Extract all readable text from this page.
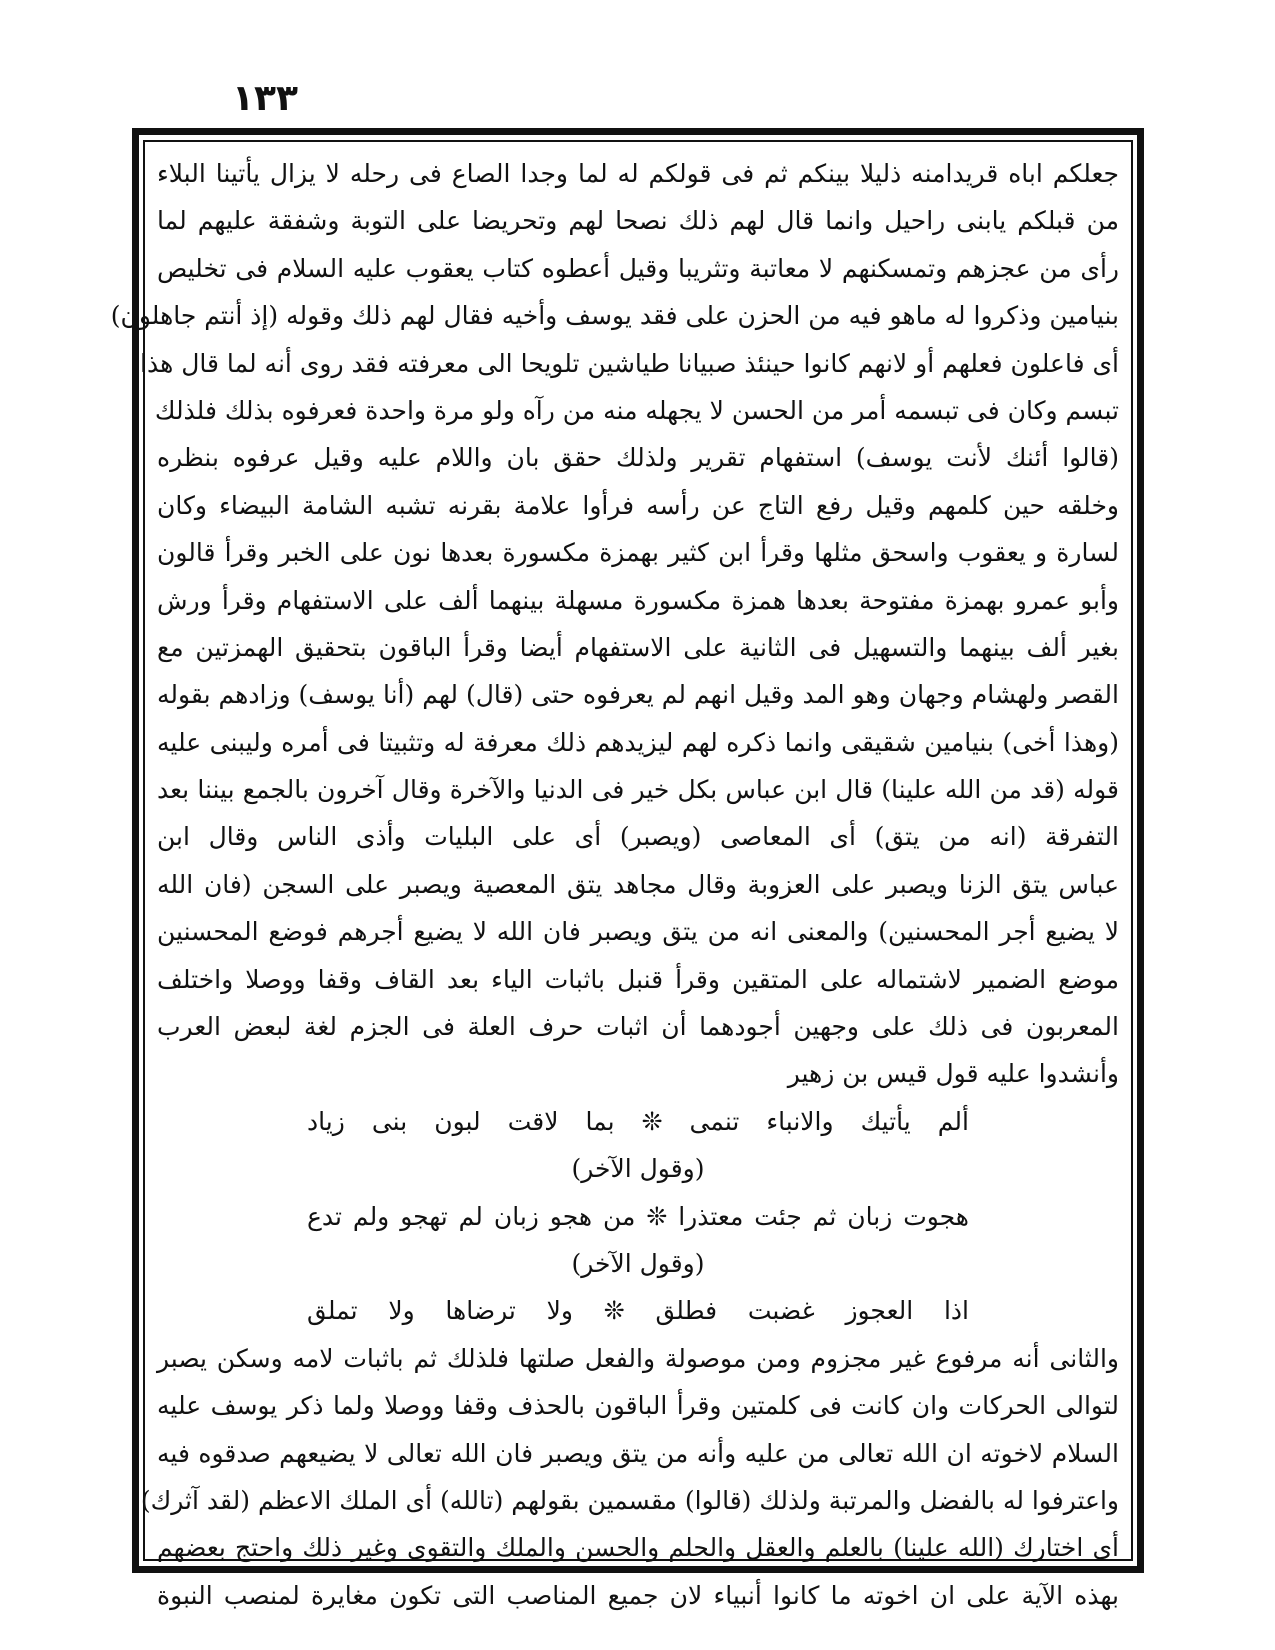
١٣٣
جعلكم اباه قريدامنه ذليلا بينكم ثم فى قولكم له لما وجدا الصاع فى رحله لا يزال يأتينا البلاء
من قبلكم يابنى راحيل وانما قال لهم ذلك نصحا لهم وتحريضا على التوبة وشفقة عليهم لما
رأى من عجزهم وتمسكنهم لا معاتبة وتثريبا وقيل أعطوه كتاب يعقوب عليه السلام فى تخليص
بنيامين وذكروا له ماهو فيه من الحزن على فقد يوسف وأخيه فقال لهم ذلك وقوله (إذ أنتم جاهلون)
أى فاعلون فعلهم أو لانهم كانوا حينئذ صبيانا طياشين تلويحا الى معرفته فقد روى أنه لما قال هذا
تبسم وكان فى تبسمه أمر من الحسن لا يجهله منه من رآه ولو مرة واحدة فعرفوه بذلك فلذلك
(قالوا أئنك لأنت يوسف) استفهام تقرير ولذلك حقق بان واللام عليه وقيل عرفوه بنظره
وخلقه حين كلمهم وقيل رفع التاج عن رأسه فرأوا علامة بقرنه تشبه الشامة البيضاء وكان
لسارة و يعقوب واسحق مثلها وقرأ ابن كثير بهمزة مكسورة بعدها نون على الخبر وقرأ قالون
وأبو عمرو بهمزة مفتوحة بعدها همزة مكسورة مسهلة بينهما ألف على الاستفهام وقرأ ورش
بغير ألف بينهما والتسهيل فى الثانية على الاستفهام أيضا وقرأ الباقون بتحقيق الهمزتين مع
القصر ولهشام وجهان وهو المد وقيل انهم لم يعرفوه حتى (قال) لهم (أنا يوسف) وزادهم بقوله
(وهذا أخى) بنيامين شقيقى وانما ذكره لهم ليزيدهم ذلك معرفة له وتثبيتا فى أمره وليبنى عليه
قوله (قد من الله علينا) قال ابن عباس بكل خير فى الدنيا والآخرة وقال آخرون بالجمع بيننا بعد
التفرقة (انه من يتق) أى المعاصى (ويصبر) أى على البليات وأذى الناس وقال ابن
عباس يتق الزنا ويصبر على العزوبة وقال مجاهد يتق المعصية ويصبر على السجن (فان الله
لا يضيع أجر المحسنين) والمعنى انه من يتق ويصبر فان الله لا يضيع أجرهم فوضع المحسنين
موضع الضمير لاشتماله على المتقين وقرأ قنبل باثبات الياء بعد القاف وقفا ووصلا واختلف
المعربون فى ذلك على وجهين أجودهما أن اثبات حرف العلة فى الجزم لغة لبعض العرب
وأنشدوا عليه قول قيس بن زهير
ألم يأتيك والانباء تنمى ❊ بما لاقت لبون بنى زياد
(وقول الآخر)
هجوت زبان ثم جئت معتذرا ❊ من هجو زبان لم تهجو ولم تدع
(وقول الآخر)
اذا العجوز غضبت فطلق ❊ ولا ترضاها ولا تملق
والثانى أنه مرفوع غير مجزوم ومن موصولة والفعل صلتها فلذلك ثم باثبات لامه وسكن يصبر
لتوالى الحركات وان كانت فى كلمتين وقرأ الباقون بالحذف وقفا ووصلا ولما ذكر يوسف عليه
السلام لاخوته ان الله تعالى من عليه وأنه من يتق ويصبر فان الله تعالى لا يضيعهم صدقوه فيه
واعترفوا له بالفضل والمرتبة ولذلك (قالوا) مقسمين بقولهم (تالله) أى الملك الاعظم (لقد آثرك)
أى اختارك (الله علينا) بالعلم والعقل والحلم والحسن والملك والتقوى وغير ذلك واحتج بعضهم
بهذه الآية على ان اخوته ما كانوا أنبياء لان جميع المناصب التى تكون مغايرة لمنصب النبوة
